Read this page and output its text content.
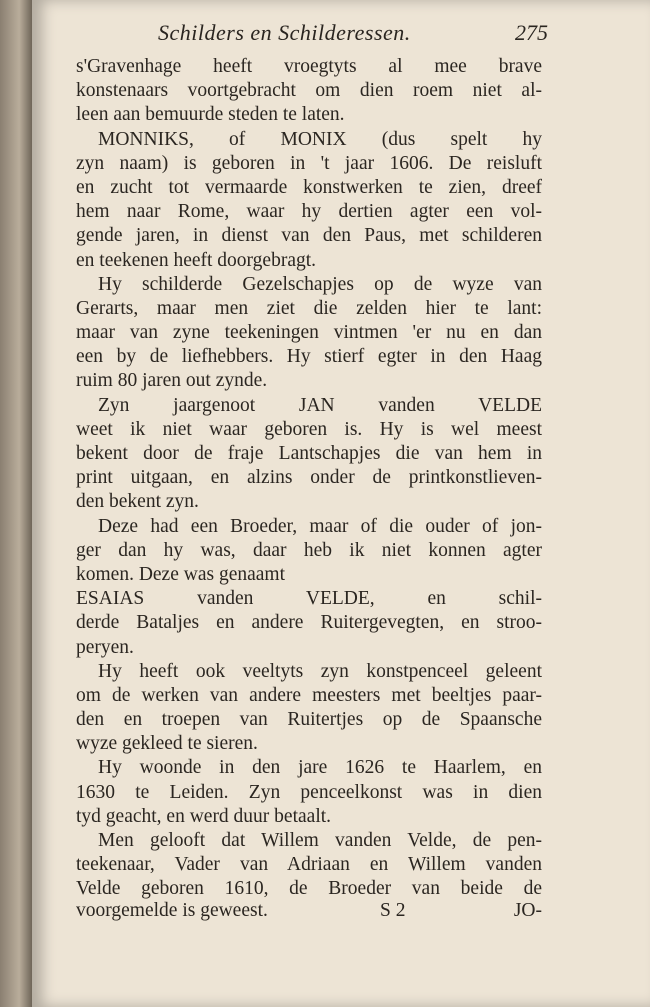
Schilders en Schilderessen.	275
s'Gravenhage heeft vroegtyts al mee brave
konstenaars voortgebracht om dien roem niet al-
leen aan bemuurde steden te laten.
MONNIKS, of MONIX (dus spelt hy
zyn naam) is geboren in 't jaar 1606. De reisluft
en zucht tot vermaarde konstwerken te zien, dreef
hem naar Rome, waar hy dertien agter een vol-
gende jaren, in dienst van den Paus, met schilderen
en teekenen heeft doorgebragt.
Hy schilderde Gezelschapjes op de wyze van
Gerarts, maar men ziet die zelden hier te lant:
maar van zyne teekeningen vintmen 'er nu en dan
een by de liefhebbers. Hy stierf egter in den Haag
ruim 80 jaren out zynde.
Zyn jaargenoot JAN vanden VELDE
weet ik niet waar geboren is. Hy is wel meest
bekent door de fraje Lantschapjes die van hem in
print uitgaan, en alzins onder de printkonstlieven-
den bekent zyn.
Deze had een Broeder, maar of die ouder of jon-
ger dan hy was, daar heb ik niet konnen agter
komen. Deze was genaamt
ESAIAS vanden VELDE, en schil-
derde Bataljes en andere Ruitergevegten, en stroo-
peryen.
Hy heeft ook veeltyts zyn konstpenceel geleent
om de werken van andere meesters met beeltjes paar-
den en troepen van Ruitertjes op de Spaansche
wyze gekleed te sieren.
Hy woonde in den jare 1626 te Haarlem, en
1630 te Leiden. Zyn penceelkonst was in dien
tyd geacht, en werd duur betaalt.
Men gelooft dat Willem vanden Velde, de pen-
teekenaar, Vader van Adriaan en Willem vanden
Velde geboren 1610, de Broeder van beide de
voorgemelde is geweest.	S 2	JO-
